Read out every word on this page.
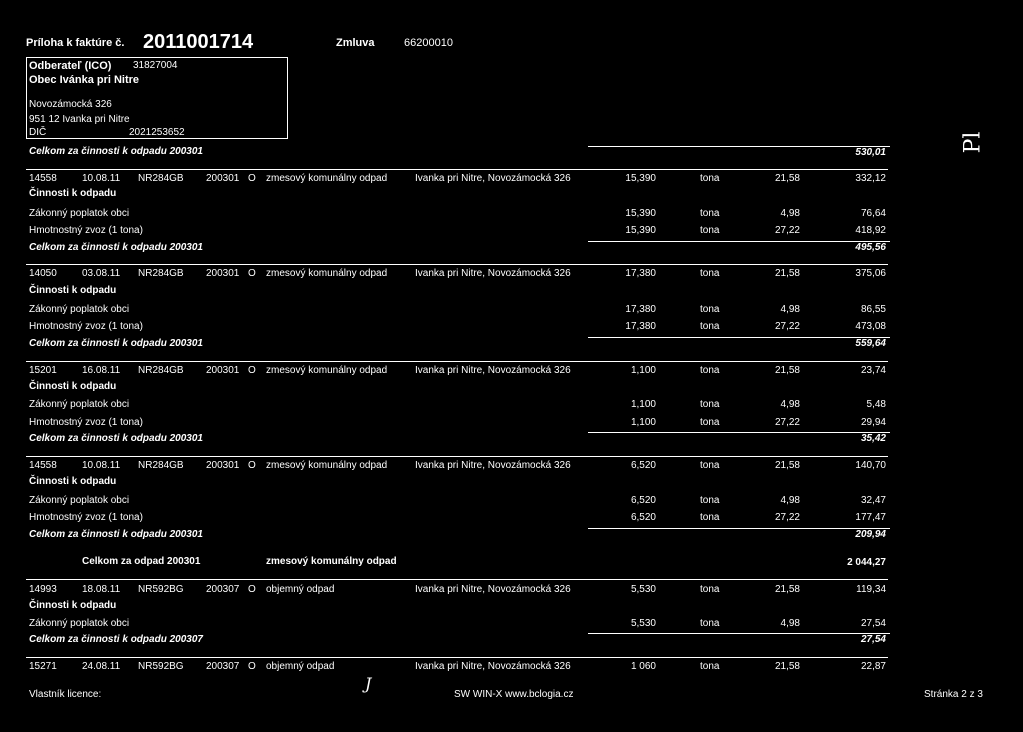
Príloha k faktúre č. 2011001714	Zmluva	66200010
Odberateľ (ICO) 31827004
Obec Ivánka pri Nitre
Novozámocká 326
951 12 Ivanka pri Nitre
DIČ	2021253652
Celkom za činnosti k odpadu 200301	530,01	Pl
14558	10.08.11 NR284GB 200301 O zmesový komunálny odpad	Ivanka pri Nitre, Novozámocká 326	15,390	tona	21,58	332,12
Činnosti k odpadu
Zákonný poplatok obci	15,390	tona	4,98	76,64
Hmotnostný zvoz (1 tona)	15,390	tona	27,22	418,92
Celkom za činnosti k odpadu 200301	495,56
14050	03.08.11 NR284GB 200301 O zmesový komunálny odpad	Ivanka pri Nitre, Novozámocká 326	17,380	tona	21,58	375,06
Činnosti k odpadu
Zákonný poplatok obci	17,380	tona	4,98	86,55
Hmotnostný zvoz (1 tona)	17,380	tona	27,22	473,08
Celkom za činnosti k odpadu 200301	559,64
15201	16.08.11 NR284GB 200301 O zmesový komunálny odpad	Ivanka pri Nitre, Novozámocká 326	1,100	tona	21,58	23,74
Činnosti k odpadu
Zákonný poplatok obci	1,100	tona	4,98	5,48
Hmotnostný zvoz (1 tona)	1,100	tona	27,22	29,94
Celkom za činnosti k odpadu 200301	35,42
14558	10.08.11 NR284GB 200301 O zmesový komunálny odpad	Ivanka pri Nitre, Novozámocká 326	6,520	tona	21,58	140,70
Činnosti k odpadu
Zákonný poplatok obci	6,520	tona	4,98	32,47
Hmotnostný zvoz (1 tona)	6,520	tona	27,22	177,47
Celkom za činnosti k odpadu 200301	209,94
Celkom za odpad 200301	zmesový komunálny odpad	2 044,27
14993	18.08.11 NR592BG 200307 O objemný odpad	Ivanka pri Nitre, Novozámocká 326	5,530	tona	21,58	119,34
Činnosti k odpadu
Zákonný poplatok obci	5,530	tona	4,98	27,54
Celkom za činnosti k odpadu 200307	27,54
15271	24.08.11 NR592BG 200307 O objemný odpad	Ivanka pri Nitre, Novozámocká 326	1 060	tona	21,58	22,87
Vlastník licence:
J
SW WIN-X www.bclogia.cz	Stránka 2 z 3
